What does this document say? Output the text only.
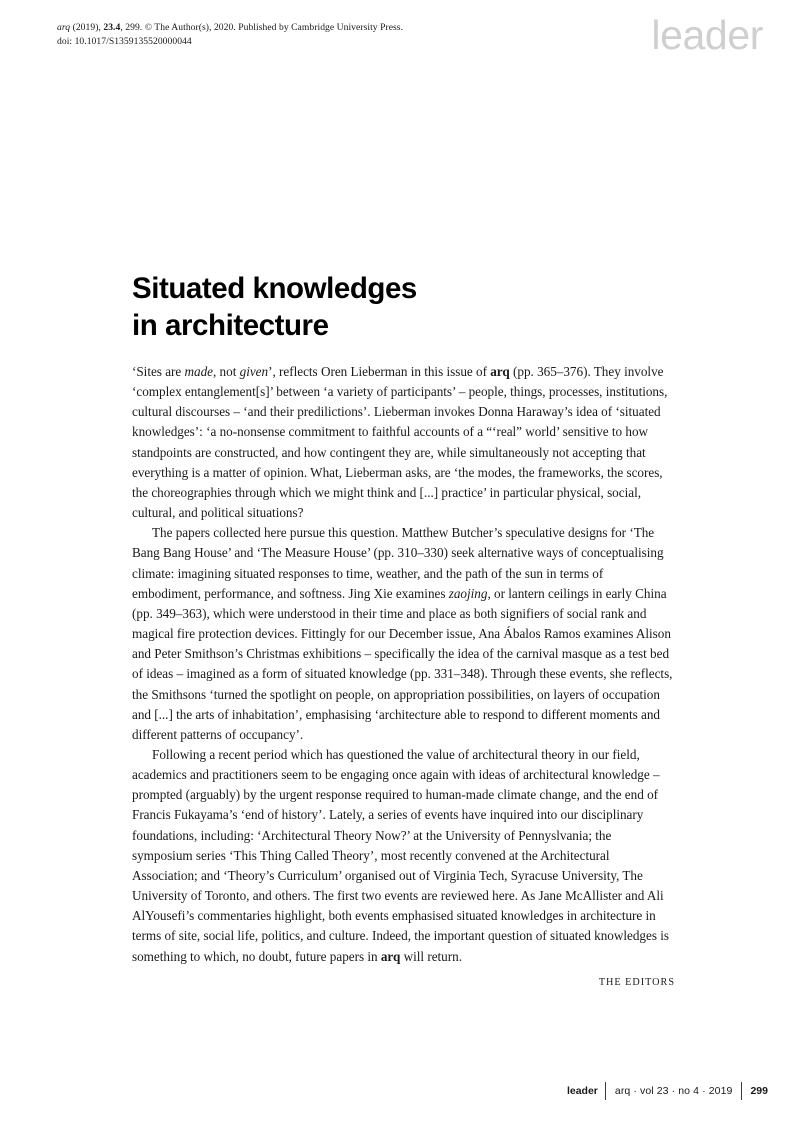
arq (2019), 23.4, 299. © The Author(s), 2020. Published by Cambridge University Press.
doi: 10.1017/S1359135520000044	leader
Situated knowledges
in architecture

‘Sites are made, not given’, reflects Oren Lieberman in this issue of arq (pp. 365–376). They involve ‘complex entanglement[s]’ between ‘a variety of participants’ – people, things, processes, institutions, cultural discourses – ‘and their predilictions’. Lieberman invokes Donna Haraway’s idea of ‘situated knowledges’: ‘a no-nonsense commitment to faithful accounts of a “‘real” world’ sensitive to how standpoints are constructed, and how contingent they are, while simultaneously not accepting that everything is a matter of opinion. What, Lieberman asks, are ‘the modes, the frameworks, the scores, the choreographies through which we might think and [...] practice’ in particular physical, social, cultural, and political situations?

The papers collected here pursue this question. Matthew Butcher’s speculative designs for ‘The Bang Bang House’ and ‘The Measure House’ (pp. 310–330) seek alternative ways of conceptualising climate: imagining situated responses to time, weather, and the path of the sun in terms of embodiment, performance, and softness. Jing Xie examines zaojing, or lantern ceilings in early China (pp. 349–363), which were understood in their time and place as both signifiers of social rank and magical fire protection devices. Fittingly for our December issue, Ana Ábalos Ramos examines Alison and Peter Smithson’s Christmas exhibitions – specifically the idea of the carnival masque as a test bed of ideas – imagined as a form of situated knowledge (pp. 331–348). Through these events, she reflects, the Smithsons ‘turned the spotlight on people, on appropriation possibilities, on layers of occupation and [...] the arts of inhabitation’, emphasising ‘architecture able to respond to different moments and different patterns of occupancy’.

Following a recent period which has questioned the value of architectural theory in our field, academics and practitioners seem to be engaging once again with ideas of architectural knowledge – prompted (arguably) by the urgent response required to human-made climate change, and the end of Francis Fukayama’s ‘end of history’. Lately, a series of events have inquired into our disciplinary foundations, including: ‘Architectural Theory Now?’ at the University of Pennyslvania; the symposium series ‘This Thing Called Theory’, most recently convened at the Architectural Association; and ‘Theory’s Curriculum’ organised out of Virginia Tech, Syracuse University, The University of Toronto, and others. The first two events are reviewed here. As Jane McAllister and Ali AlYousefi’s commentaries highlight, both events emphasised situated knowledges in architecture in terms of site, social life, politics, and culture. Indeed, the important question of situated knowledges is something to which, no doubt, future papers in arq will return.

THE EDITORS
leader	arq · vol 23 · no 4 · 2019	299
